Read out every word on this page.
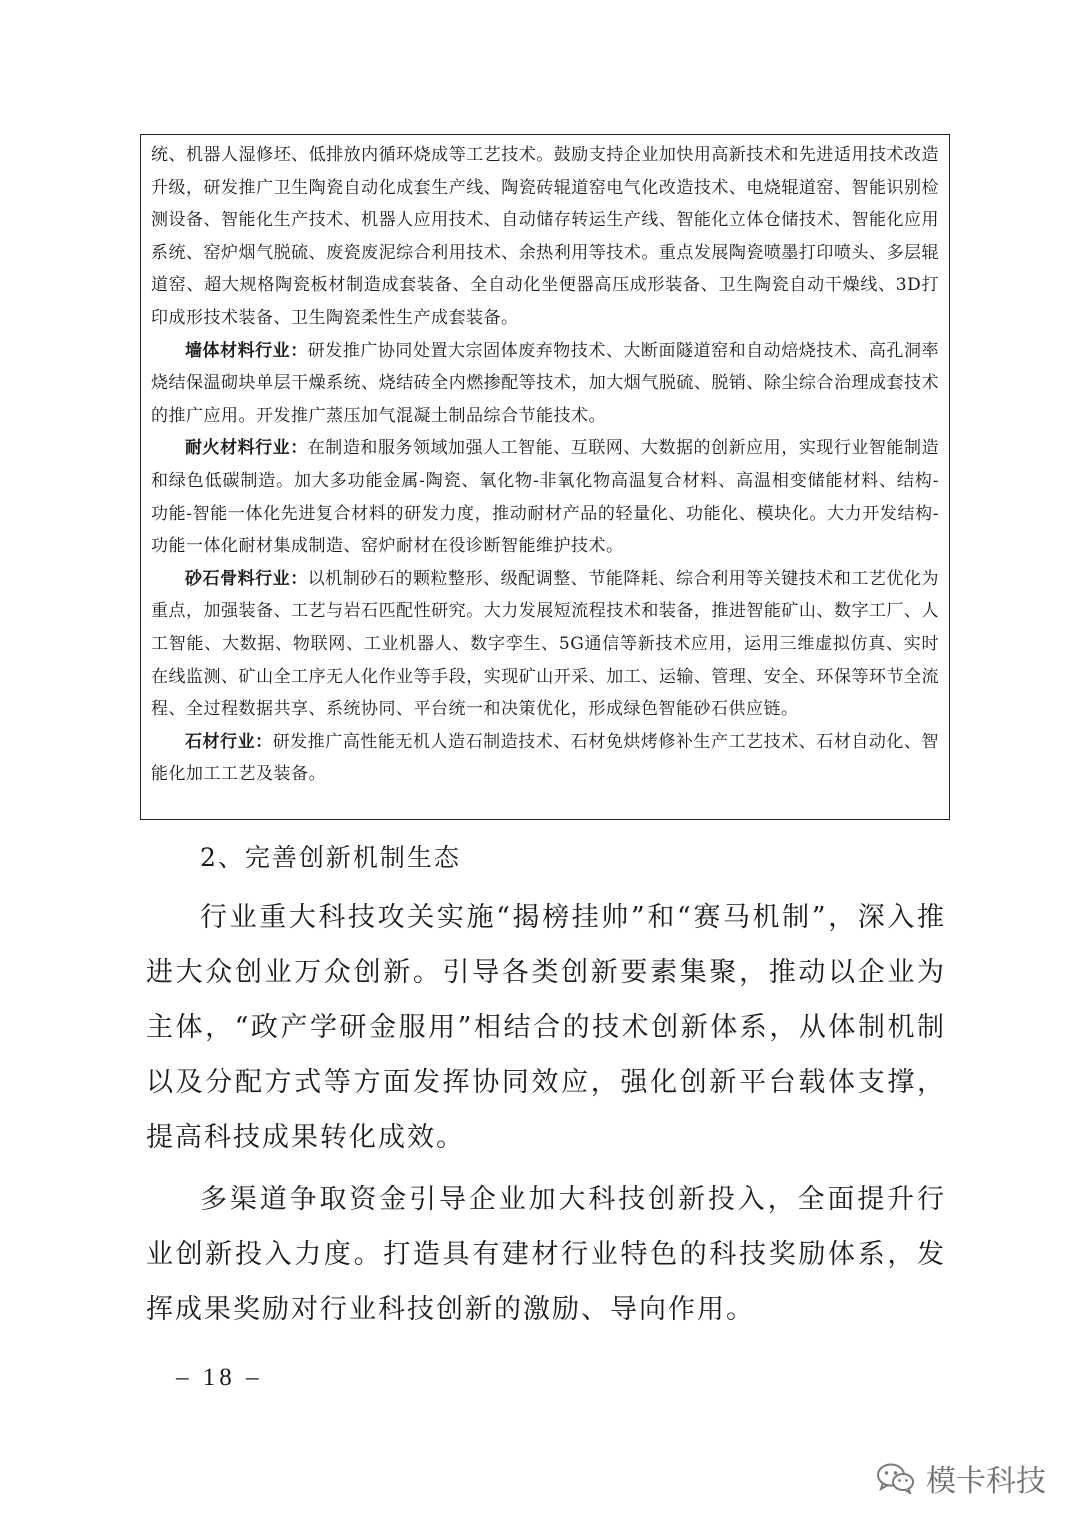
统、机器人湿修坯、低排放内循环烧成等工艺技术。鼓励支持企业加快用高新技术和先进适用技术改造升级，研发推广卫生陶瓷自动化成套生产线、陶瓷砖辊道窑电气化改造技术、电烧辊道窑、智能识别检测设备、智能化生产技术、机器人应用技术、自动储存转运生产线、智能化立体仓储技术、智能化应用系统、窑炉烟气脱硫、废瓷废泥综合利用技术、余热利用等技术。重点发展陶瓷喷墨打印喷头、多层辊道窑、超大规格陶瓷板材制造成套装备、全自动化坐便器高压成形装备、卫生陶瓷自动干燥线、3D打印成形技术装备、卫生陶瓷柔性生产成套装备。

墙体材料行业：研发推广协同处置大宗固体废弃物技术、大断面隧道窑和自动焙烧技术、高孔洞率烧结保温砌块单层干燥系统、烧结砖全内燃掺配等技术，加大烟气脱硫、脱销、除尘综合治理成套技术的推广应用。开发推广蒸压加气混凝土制品综合节能技术。

耐火材料行业：在制造和服务领域加强人工智能、互联网、大数据的创新应用，实现行业智能制造和绿色低碳制造。加大多功能金属-陶瓷、氧化物-非氧化物高温复合材料、高温相变储能材料、结构-功能-智能一体化先进复合材料的研发力度，推动耐材产品的轻量化、功能化、模块化。大力开发结构-功能一体化耐材集成制造、窑炉耐材在役诊断智能维护技术。

砂石骨料行业：以机制砂石的颗粒整形、级配调整、节能降耗、综合利用等关键技术和工艺优化为重点，加强装备、工艺与岩石匹配性研究。大力发展短流程技术和装备，推进智能矿山、数字工厂、人工智能、大数据、物联网、工业机器人、数字孪生、5G通信等新技术应用，运用三维虚拟仿真、实时在线监测、矿山全工序无人化作业等手段，实现矿山开采、加工、运输、管理、安全、环保等环节全流程、全过程数据共享、系统协同、平台统一和决策优化，形成绿色智能砂石供应链。

石材行业：研发推广高性能无机人造石制造技术、石材免烘烤修补生产工艺技术、石材自动化、智能化加工工艺及装备。

2、完善创新机制生态

行业重大科技攻关实施“揭榜挂帅”和“赛马机制”，深入推进大众创业万众创新。引导各类创新要素集聚，推动以企业为主体，“政产学研金服用”相结合的技术创新体系，从体制机制以及分配方式等方面发挥协同效应，强化创新平台载体支撑，提高科技成果转化成效。

多渠道争取资金引导企业加大科技创新投入，全面提升行业创新投入力度。打造具有建材行业特色的科技奖励体系，发挥成果奖励对行业科技创新的激励、导向作用。

– 18 –
模卡科技
